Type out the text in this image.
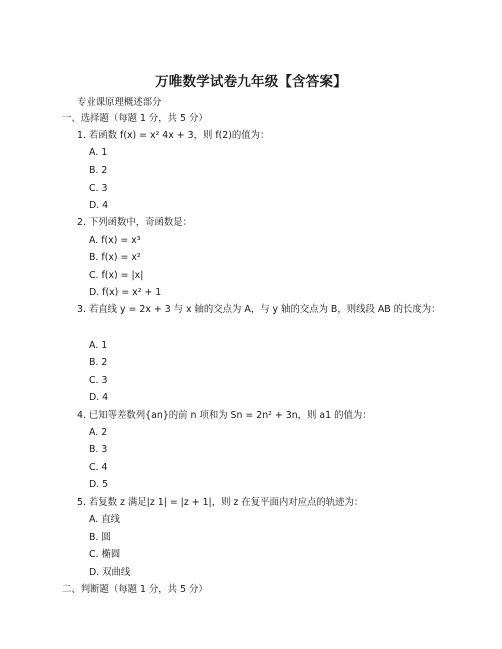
万唯数学试卷九年级【含答案】
专业课原理概述部分
一、选择题（每题 1 分，共 5 分）
1. 若函数 f(x) = x² 4x + 3，则 f(2)的值为：
A. 1
B. 2
C. 3
D. 4
2. 下列函数中，奇函数是：
A. f(x) = x³
B. f(x) = x²
C. f(x) = |x|
D. f(x) = x² + 1
3. 若直线 y = 2x + 3 与 x 轴的交点为 A，与 y 轴的交点为 B，则线段 AB 的长度为：
A. 1
B. 2
C. 3
D. 4
4. 已知等差数列{an}的前 n 项和为 Sn = 2n² + 3n，则 a1 的值为：
A. 2
B. 3
C. 4
D. 5
5. 若复数 z 满足|z 1| = |z + 1|，则 z 在复平面内对应点的轨迹为：
A. 直线
B. 圆
C. 椭圆
D. 双曲线
二、判断题（每题 1 分，共 5 分）
